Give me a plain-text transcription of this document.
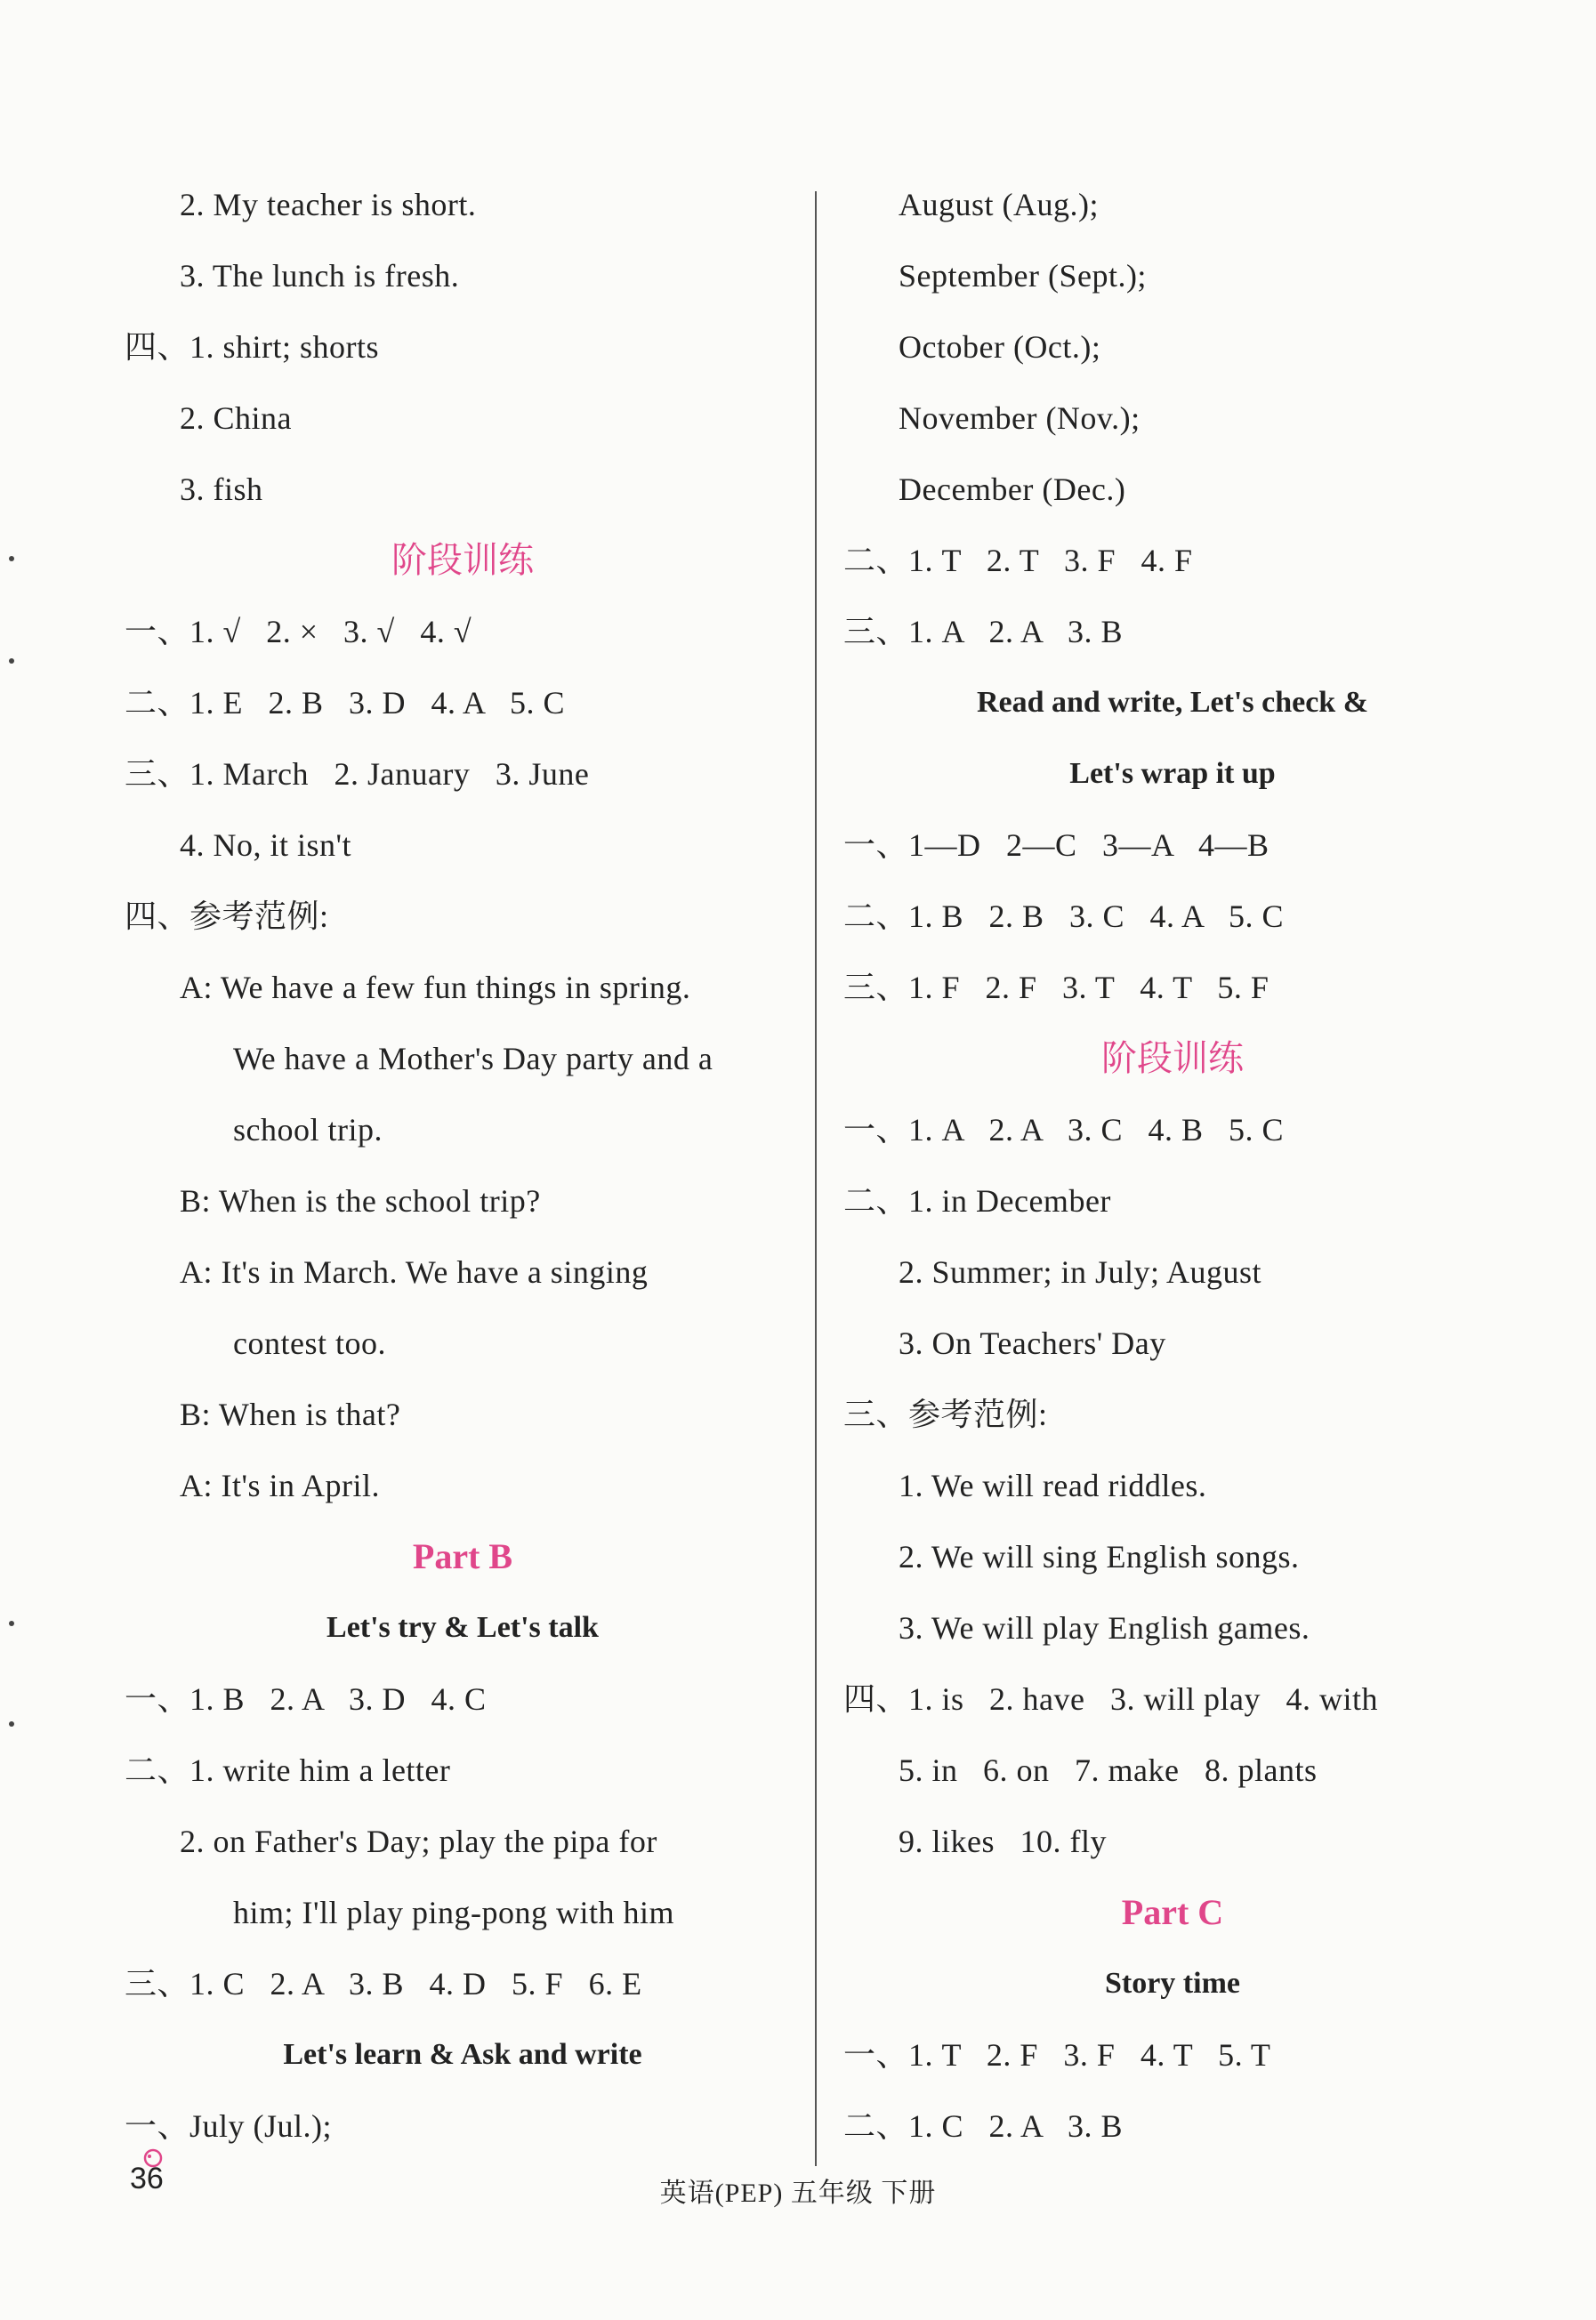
2. My teacher is short.
3. The lunch is fresh.
四、1. shirt; shorts
2. China
3. fish
阶段训练
一、1. √   2. ×   3. √   4. √
二、1. E   2. B   3. D   4. A   5. C
三、1. March   2. January   3. June
4. No, it isn't
四、参考范例:
A: We have a few fun things in spring.
We have a Mother's Day party and a
school trip.
B: When is the school trip?
A: It's in March. We have a singing
contest too.
B: When is that?
A: It's in April.
Part B
Let's try & Let's talk
一、1. B   2. A   3. D   4. C
二、1. write him a letter
2. on Father's Day; play the pipa for
him; I'll play ping-pong with him
三、1. C   2. A   3. B   4. D   5. F   6. E
Let's learn & Ask and write
一、July (Jul.);
August (Aug.);
September (Sept.);
October (Oct.);
November (Nov.);
December (Dec.)
二、1. T   2. T   3. F   4. F
三、1. A   2. A   3. B
Read and write, Let's check &
Let's wrap it up
一、1—D   2—C   3—A   4—B
二、1. B   2. B   3. C   4. A   5. C
三、1. F   2. F   3. T   4. T   5. F
阶段训练
一、1. A   2. A   3. C   4. B   5. C
二、1. in December
2. Summer; in July; August
3. On Teachers' Day
三、参考范例:
1. We will read riddles.
2. We will sing English songs.
3. We will play English games.
四、1. is   2. have   3. will play   4. with
5. in   6. on   7. make   8. plants
9. likes   10. fly
Part C
Story time
一、1. T   2. F   3. F   4. T   5. T
二、1. C   2. A   3. B
36	英语(PEP) 五年级 下册
